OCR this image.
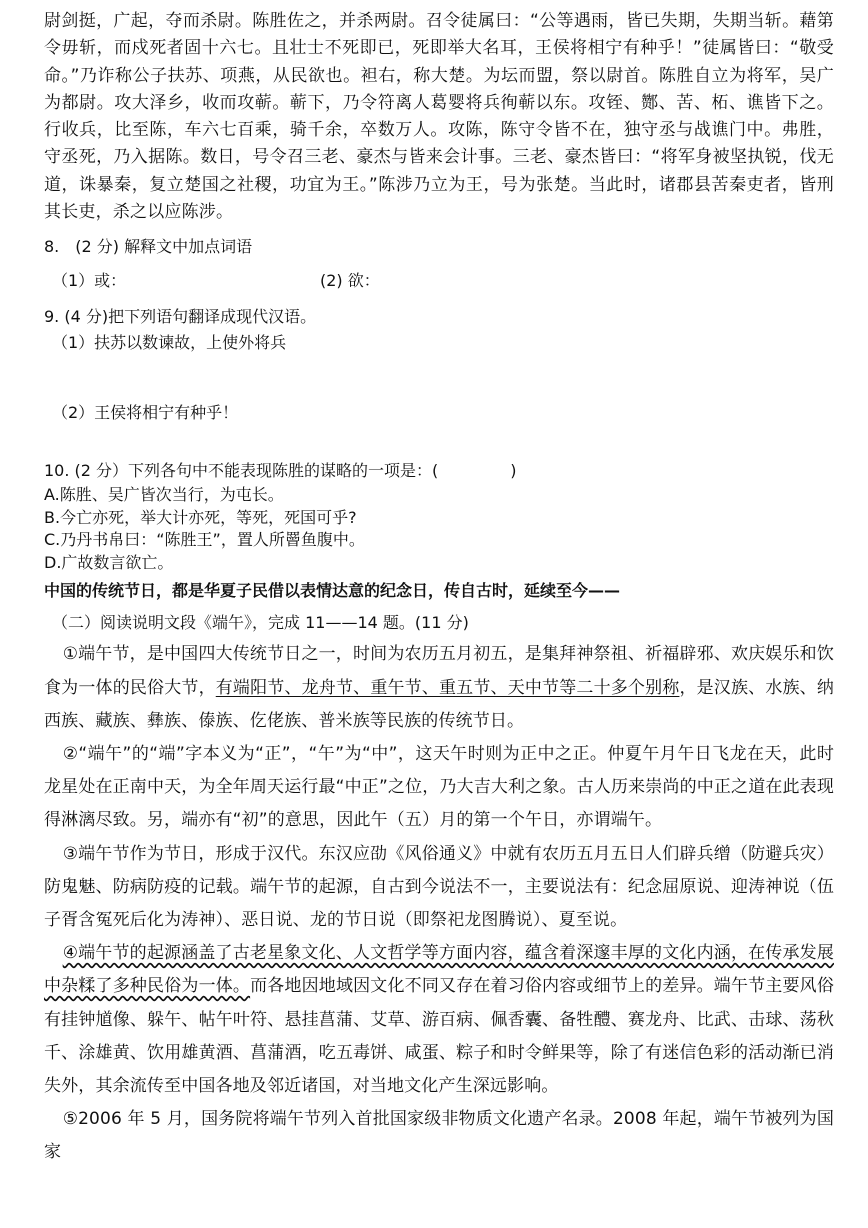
尉剑挺，广起，夺而杀尉。陈胜佐之，并杀两尉。召令徒属曰：“公等遇雨，皆已失期，失期当斩。藉第令毋斩，而戍死者固十六七。且壮士不死即已，死即举大名耳，王侯将相宁有种乎！”徒属皆曰：“敬受命。”乃诈称公子扶苏、项燕，从民欲也。袒右，称大楚。为坛而盟，祭以尉首。陈胜自立为将军，吴广为都尉。攻大泽乡，收而攻蕲。蕲下，乃令符离人葛婴将兵徇蕲以东。攻铚、酂、苦、柘、谯皆下之。行收兵，比至陈，车六七百乘，骑千余，卒数万人。攻陈，陈守令皆不在，独守丞与战谯门中。弗胜，守丞死，乃入据陈。数日，号令召三老、豪杰与皆来会计事。三老、豪杰皆曰：“将军身被坚执锐，伐无道，诛暴秦，复立楚国之社稷，功宜为王。”陈涉乃立为王，号为张楚。当此时，诸郡县苦秦吏者，皆刑其长吏，杀之以应陈涉。

8.　(2 分) 解释文中加点词语

（1）或：	(2) 欲：

9. (4 分)把下列语句翻译成现代汉语。

（1）扶苏以数谏故，上使外将兵

（2）王侯将相宁有种乎！

10. (2 分）下列各句中不能表现陈胜的谋略的一项是：(	)

A.陈胜、吴广皆次当行，为屯长。

B.今亡亦死，举大计亦死，等死，死国可乎?

C.乃丹书帛曰：“陈胜王”，置人所罾鱼腹中。

D.广故数言欲亡。

中国的传统节日，都是华夏子民借以表情达意的纪念日，传自古时，延续至今——

（二）阅读说明文段《端午》，完成 11——14 题。(11 分)

①端午节，是中国四大传统节日之一，时间为农历五月初五，是集拜神祭祖、祈福辟邪、欢庆娱乐和饮食为一体的民俗大节，有端阳节、龙舟节、重午节、重五节、天中节等二十多个别称，是汉族、水族、纳西族、藏族、彝族、傣族、仡佬族、普米族等民族的传统节日。

②“端午”的“端”字本义为“正”，“午”为“中”，这天午时则为正中之正。仲夏午月午日飞龙在天，此时龙星处在正南中天，为全年周天运行最“中正”之位，乃大吉大利之象。古人历来崇尚的中正之道在此表现得淋漓尽致。另，端亦有“初”的意思，因此午（五）月的第一个午日，亦谓端午。

③端午节作为节日，形成于汉代。东汉应劭《风俗通义》中就有农历五月五日人们辟兵缯（防避兵灾）防鬼魅、防病防疫的记载。端午节的起源，自古到今说法不一，主要说法有：纪念屈原说、迎涛神说（伍子胥含冤死后化为涛神）、恶日说、龙的节日说（即祭祀龙图腾说）、夏至说。

④端午节的起源涵盖了古老星象文化、人文哲学等方面内容，蕴含着深邃丰厚的文化内涵，在传承发展中杂糅了多种民俗为一体。而各地因地域因文化不同又存在着习俗内容或细节上的差异。端午节主要风俗有挂钟馗像、躲午、帖午叶符、悬挂菖蒲、艾草、游百病、佩香囊、备牲醴、赛龙舟、比武、击球、荡秋千、涂雄黄、饮用雄黄酒、菖蒲酒，吃五毒饼、咸蛋、粽子和时令鲜果等，除了有迷信色彩的活动渐已消失外，其余流传至中国各地及邻近诸国，对当地文化产生深远影响。

⑤2006 年 5 月，国务院将端午节列入首批国家级非物质文化遗产名录。2008 年起，端午节被列为国家
